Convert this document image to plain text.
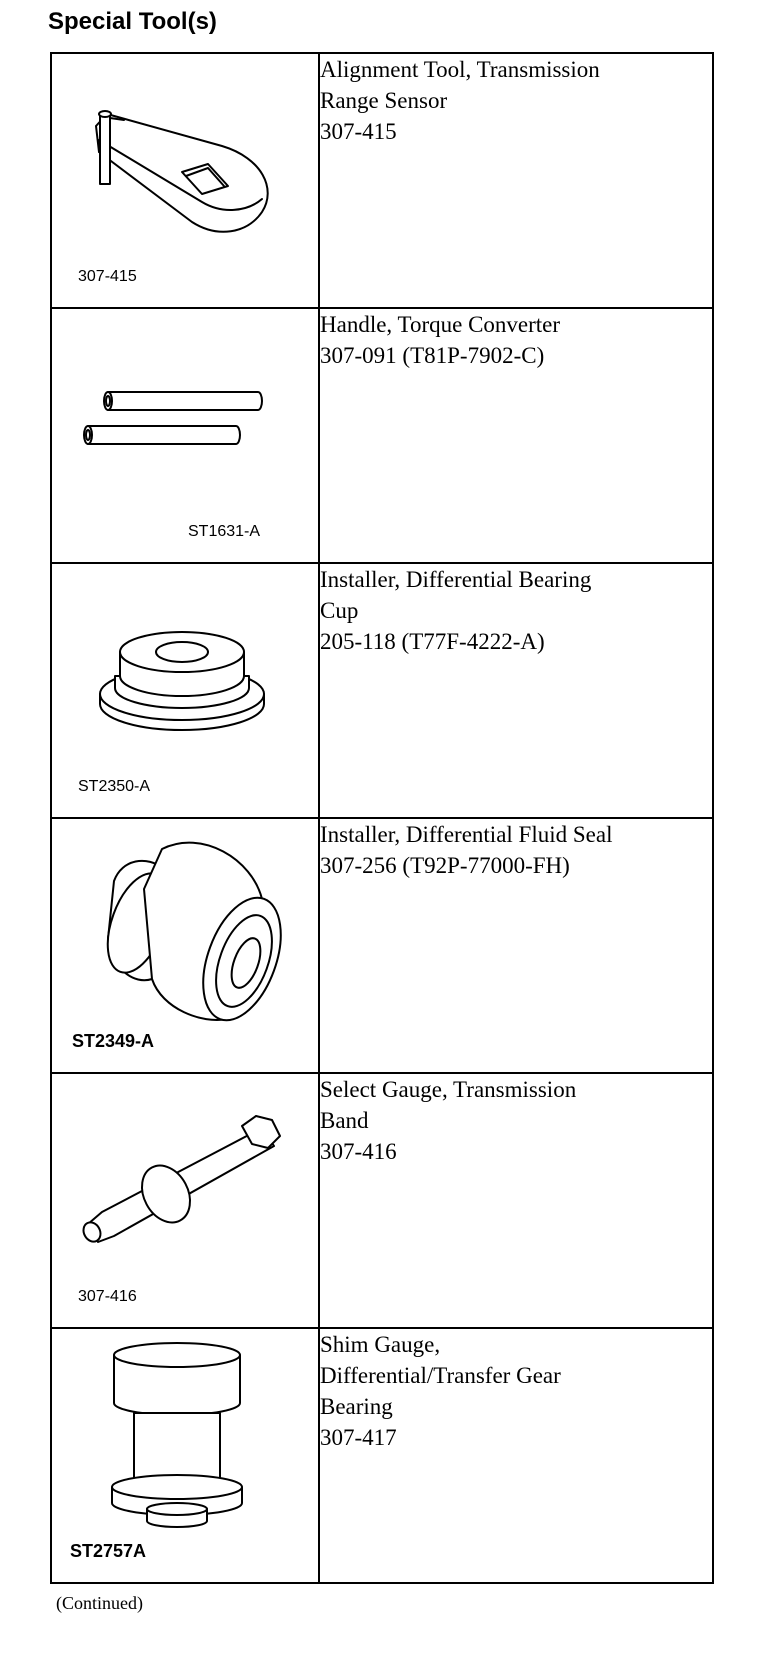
Special Tool(s)
307-415	Alignment Tool, Transmission
Range Sensor
307-415

ST1631-A	Handle, Torque Converter
307-091 (T81P-7902-C)

ST2350-A	Installer, Differential Bearing
Cup
205-118 (T77F-4222-A)

ST2349-A	Installer, Differential Fluid Seal
307-256 (T92P-77000-FH)

307-416	Select Gauge, Transmission
Band
307-416

ST2757A	Shim Gauge,
Differential/Transfer Gear
Bearing
307-417
(Continued)
